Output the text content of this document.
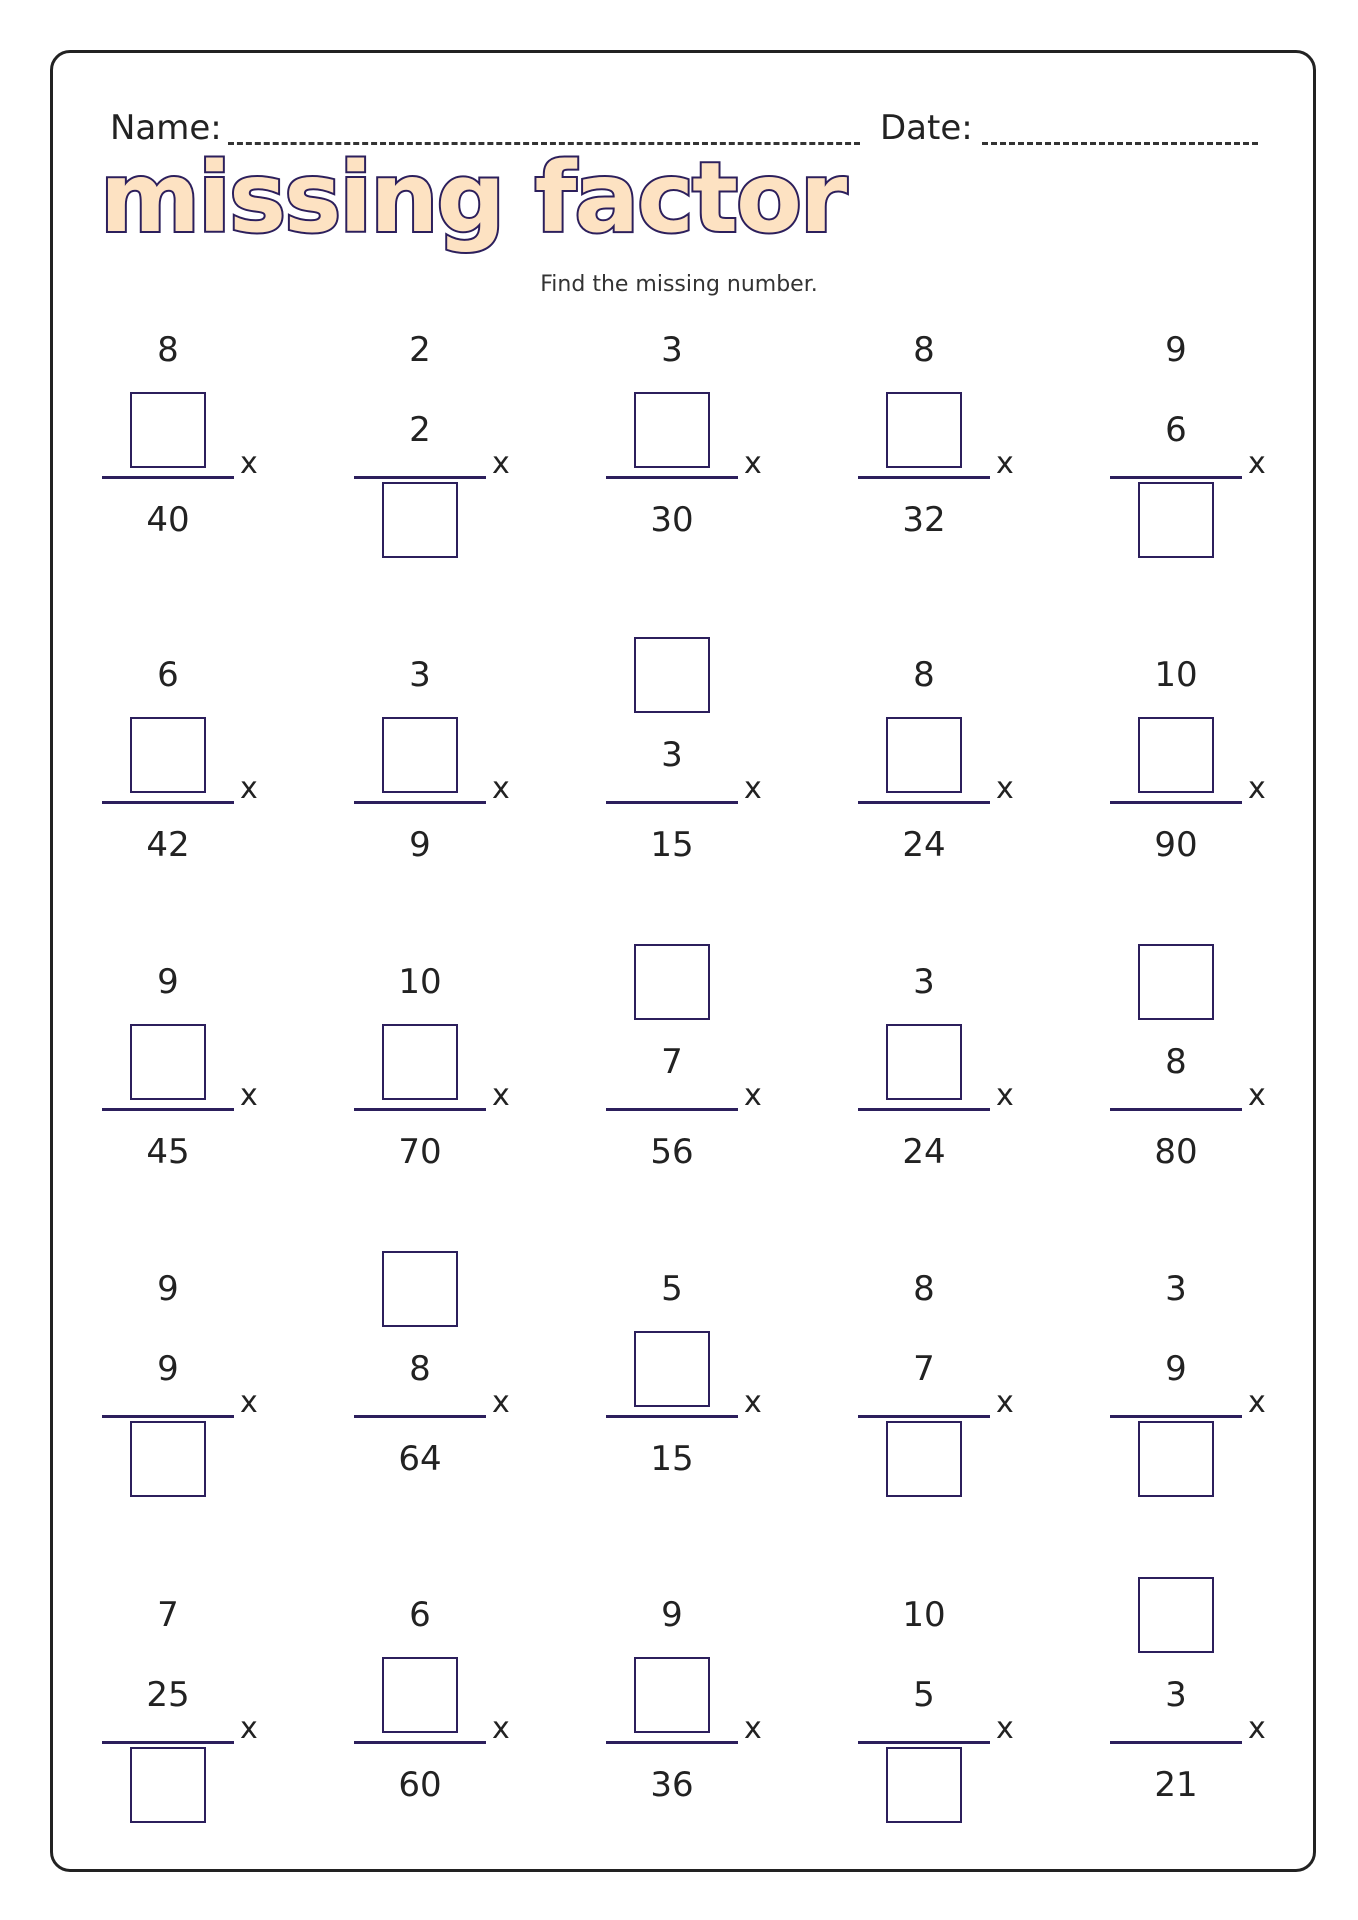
Name:	Date:
missing factor
Find the missing number.
8
40
x
2
2
x
3
30
x
8
32
x
9
6
x
6
42
x
3
9
x
3
15
x
8
24
x
10
90
x
9
45
x
10
70
x
7
56
x
3
24
x
8
80
x
9
9
x
8
64
x
5
15
x
8
7
x
3
9
x
7
25
x
6
60
x
9
36
x
10
5
x
3
21
x
